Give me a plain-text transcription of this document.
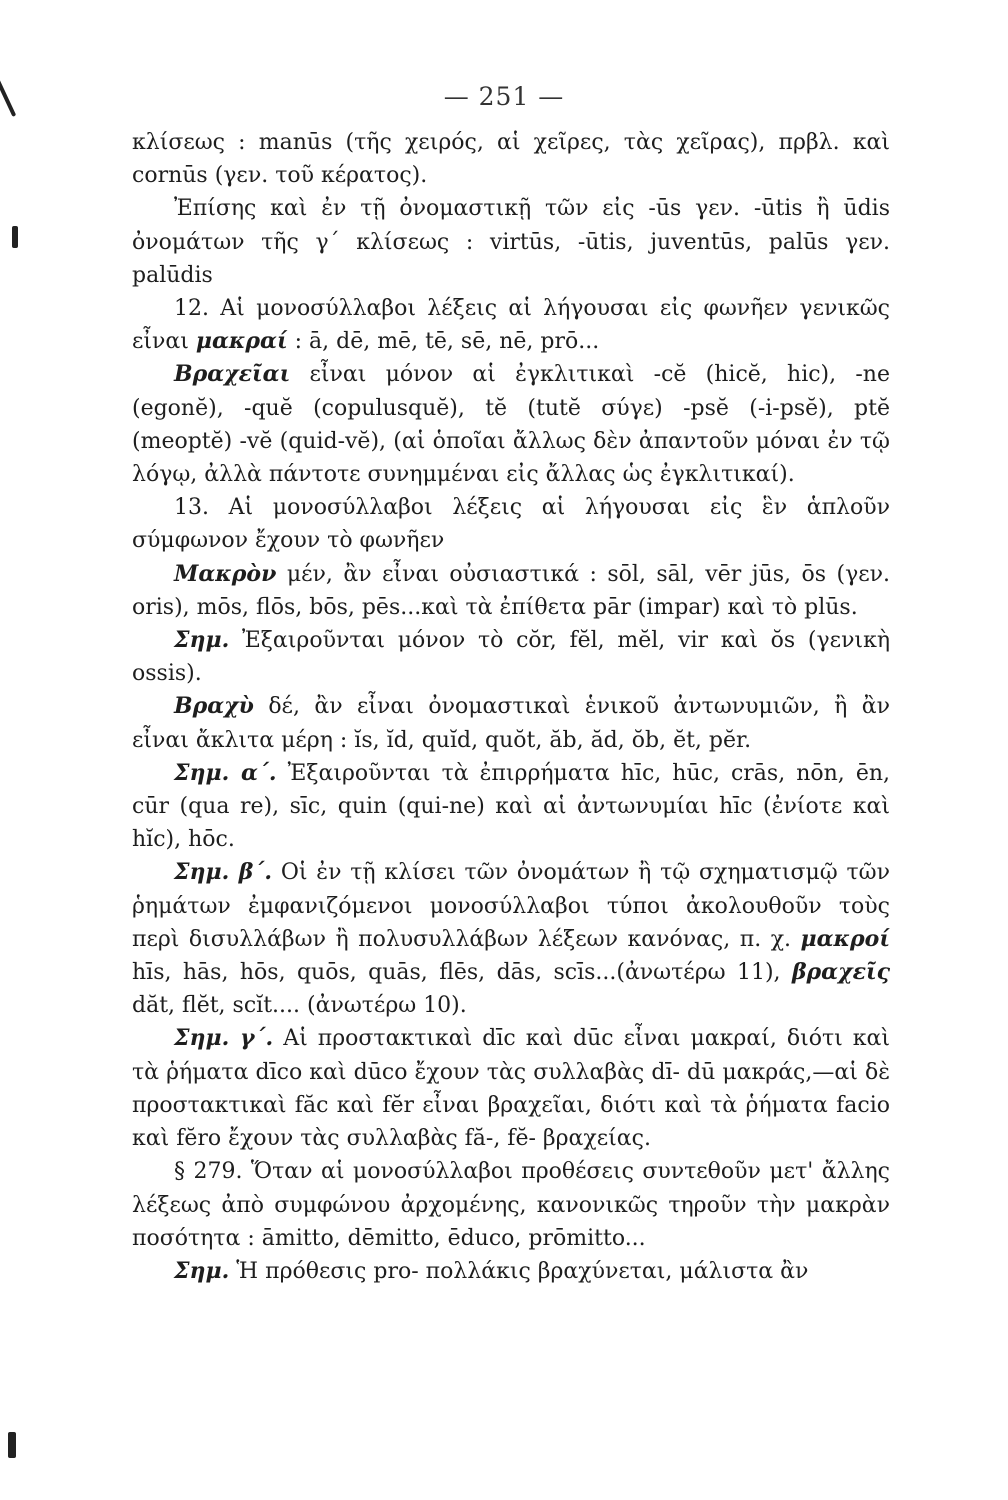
— 251 —

κλίσεως : manūs (τῆς χειρός, αἱ χεῖρες, τὰς χεῖρας), πρβλ. καὶ cornūs (γεν. τοῦ κέρατος).

Ἐπίσης καὶ ἐν τῇ ὀνομαστικῇ τῶν εἰς -ūs γεν. -ūtis ἢ ūdis ὀνομάτων τῆς γ΄ κλίσεως : virtūs, -ūtis, juventūs, palūs γεν. palūdis

12. Αἱ μονοσύλλαβοι λέξεις αἱ λήγουσαι εἰς φωνῆεν γενικῶς εἶναι μακραί : ā, dē, mē, tē, sē, nē, prō...

Βραχεῖαι εἶναι μόνον αἱ ἐγκλιτικαὶ -cĕ (hicĕ, hic), -ne (egonĕ), -quĕ (copulusquĕ), tĕ (tutĕ σύγε) -psĕ (-i-psĕ), ptĕ (meoptĕ) -vĕ (quid-vĕ), (αἱ ὁποῖαι ἄλλως δὲν ἀπαντοῦν μόναι ἐν τῷ λόγῳ, ἀλλὰ πάντοτε συνημμέναι εἰς ἄλλας ὡς ἐγκλιτικαί).

13. Αἱ μονοσύλλαβοι λέξεις αἱ λήγουσαι εἰς ἓν ἁπλοῦν σύμφωνον ἔχουν τὸ φωνῆεν

Μακρὸν μέν, ἂν εἶναι οὐσιαστικά : sōl, sāl, vēr jūs, ōs (γεν. oris), mōs, flōs, bōs, pēs...καὶ τὰ ἐπίθετα pār (impar) καὶ τὸ plūs.

Σημ. Ἐξαιροῦνται μόνον τὸ cŏr, fĕl, mĕl, vir καὶ ŏs (γενικὴ ossis).

Βραχὺ δέ, ἂν εἶναι ὀνομαστικαὶ ἑνικοῦ ἀντωνυμιῶν, ἢ ἂν εἶναι ἄκλιτα μέρη : ĭs, ĭd, quĭd, quŏt, ăb, ăd, ŏb, ĕt, pĕr.

Σημ. α΄. Ἐξαιροῦνται τὰ ἐπιρρήματα hīc, hūc, crās, nōn, ēn, cūr (qua re), sīc, quin (qui-ne) καὶ αἱ ἀντωνυμίαι hīc (ἐνίοτε καὶ hĭc), hōc.

Σημ. β΄. Οἱ ἐν τῇ κλίσει τῶν ὀνομάτων ἢ τῷ σχηματισμῷ τῶν ῥημάτων ἐμφανιζόμενοι μονοσύλλαβοι τύποι ἀκολουθοῦν τοὺς περὶ δισυλλάβων ἢ πολυσυλλάβων λέξεων κανόνας, π. χ. μακροί hīs, hās, hōs, quōs, quās, flēs, dās, scīs...(ἀνωτέρω 11), βραχεῖς dăt, flĕt, scĭt.... (ἀνωτέρω 10).

Σημ. γ΄. Αἱ προστακτικαὶ dīc καὶ dūc εἶναι μακραί, διότι καὶ τὰ ῥήματα dīco καὶ dūco ἔχουν τὰς συλλαβὰς dī- dū μακράς,—αἱ δὲ προστακτικαὶ făc καὶ fĕr εἶναι βραχεῖαι, διότι καὶ τὰ ῥήματα facio καὶ fĕro ἔχουν τὰς συλλαβὰς fă-, fĕ- βραχείας.

§ 279. Ὅταν αἱ μονοσύλλαβοι προθέσεις συντεθοῦν μετ' ἄλλης λέξεως ἀπὸ συμφώνου ἀρχομένης, κανονικῶς τηροῦν τὴν μακρὰν ποσότητα : āmitto, dēmitto, ēduco, prōmitto...

Σημ. Ἡ πρόθεσις pro- πολλάκις βραχύνεται, μάλιστα ἂν
